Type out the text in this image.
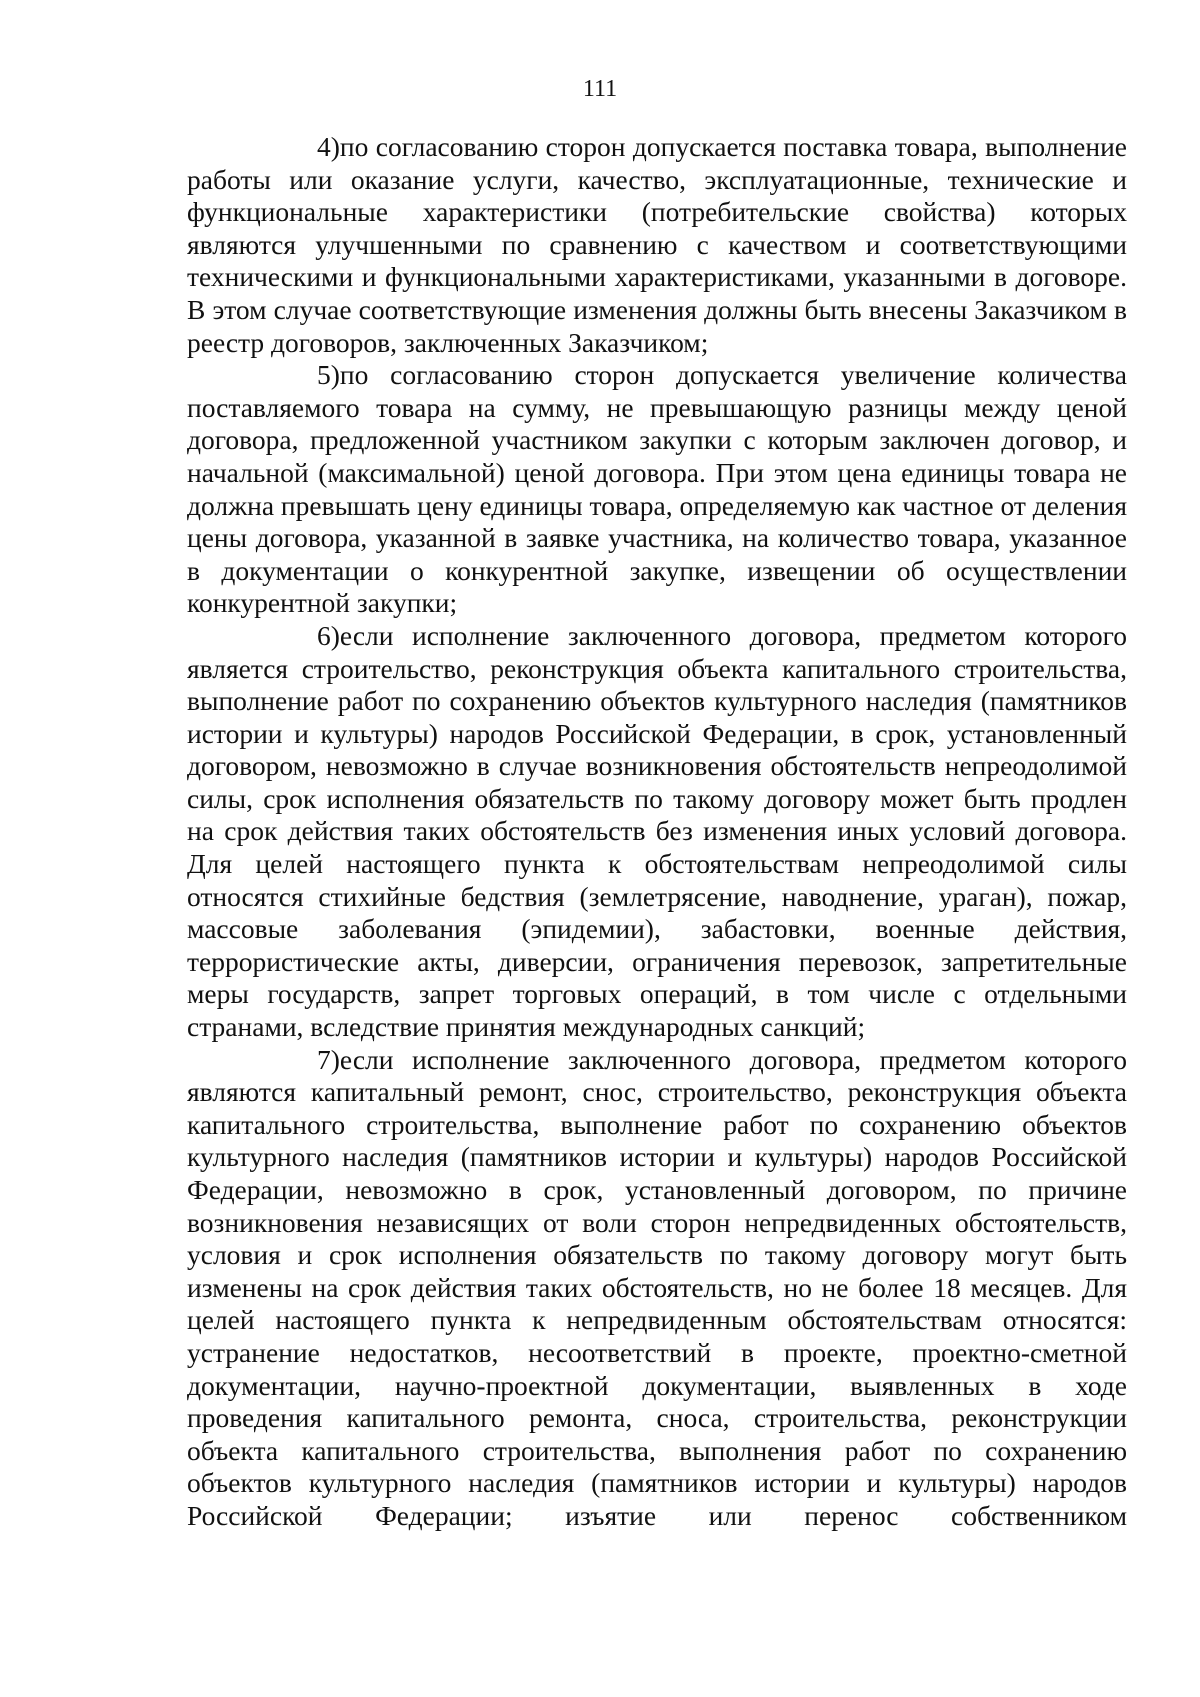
111

4)по согласованию сторон допускается поставка товара, выполнение работы или оказание услуги, качество, эксплуатационные, технические и функциональные характеристики (потребительские свойства) которых являются улучшенными по сравнению с качеством и соответствующими техническими и функциональными характеристиками, указанными в договоре. В этом случае соответствующие изменения должны быть внесены Заказчиком в реестр договоров, заключенных Заказчиком;

5)по согласованию сторон допускается увеличение количества поставляемого товара на сумму, не превышающую разницы между ценой договора, предложенной участником закупки с которым заключен договор, и начальной (максимальной) ценой договора. При этом цена единицы товара не должна превышать цену единицы товара, определяемую как частное от деления цены договора, указанной в заявке участника, на количество товара, указанное в документации о конкурентной закупке, извещении об осуществлении конкурентной закупки;

6)если исполнение заключенного договора, предметом которого является строительство, реконструкция объекта капитального строительства, выполнение работ по сохранению объектов культурного наследия (памятников истории и культуры) народов Российской Федерации, в срок, установленный договором, невозможно в случае возникновения обстоятельств непреодолимой силы, срок исполнения обязательств по такому договору может быть продлен на срок действия таких обстоятельств без изменения иных условий договора. Для целей настоящего пункта к обстоятельствам непреодолимой силы относятся стихийные бедствия (землетрясение, наводнение, ураган), пожар, массовые заболевания (эпидемии), забастовки, военные действия, террористические акты, диверсии, ограничения перевозок, запретительные меры государств, запрет торговых операций, в том числе с отдельными странами, вследствие принятия международных санкций;

7)если исполнение заключенного договора, предметом которого являются капитальный ремонт, снос, строительство, реконструкция объекта капитального строительства, выполнение работ по сохранению объектов культурного наследия (памятников истории и культуры) народов Российской Федерации, невозможно в срок, установленный договором, по причине возникновения независящих от воли сторон непредвиденных обстоятельств, условия и срок исполнения обязательств по такому договору могут быть изменены на срок действия таких обстоятельств, но не более 18 месяцев. Для целей настоящего пункта к непредвиденным обстоятельствам относятся: устранение недостатков, несоответствий в проекте, проектно-сметной документации, научно-проектной документации, выявленных в ходе проведения капитального ремонта, сноса, строительства, реконструкции объекта капитального строительства, выполнения работ по сохранению объектов культурного наследия (памятников истории и культуры) народов Российской Федерации; изъятие или перенос собственником
